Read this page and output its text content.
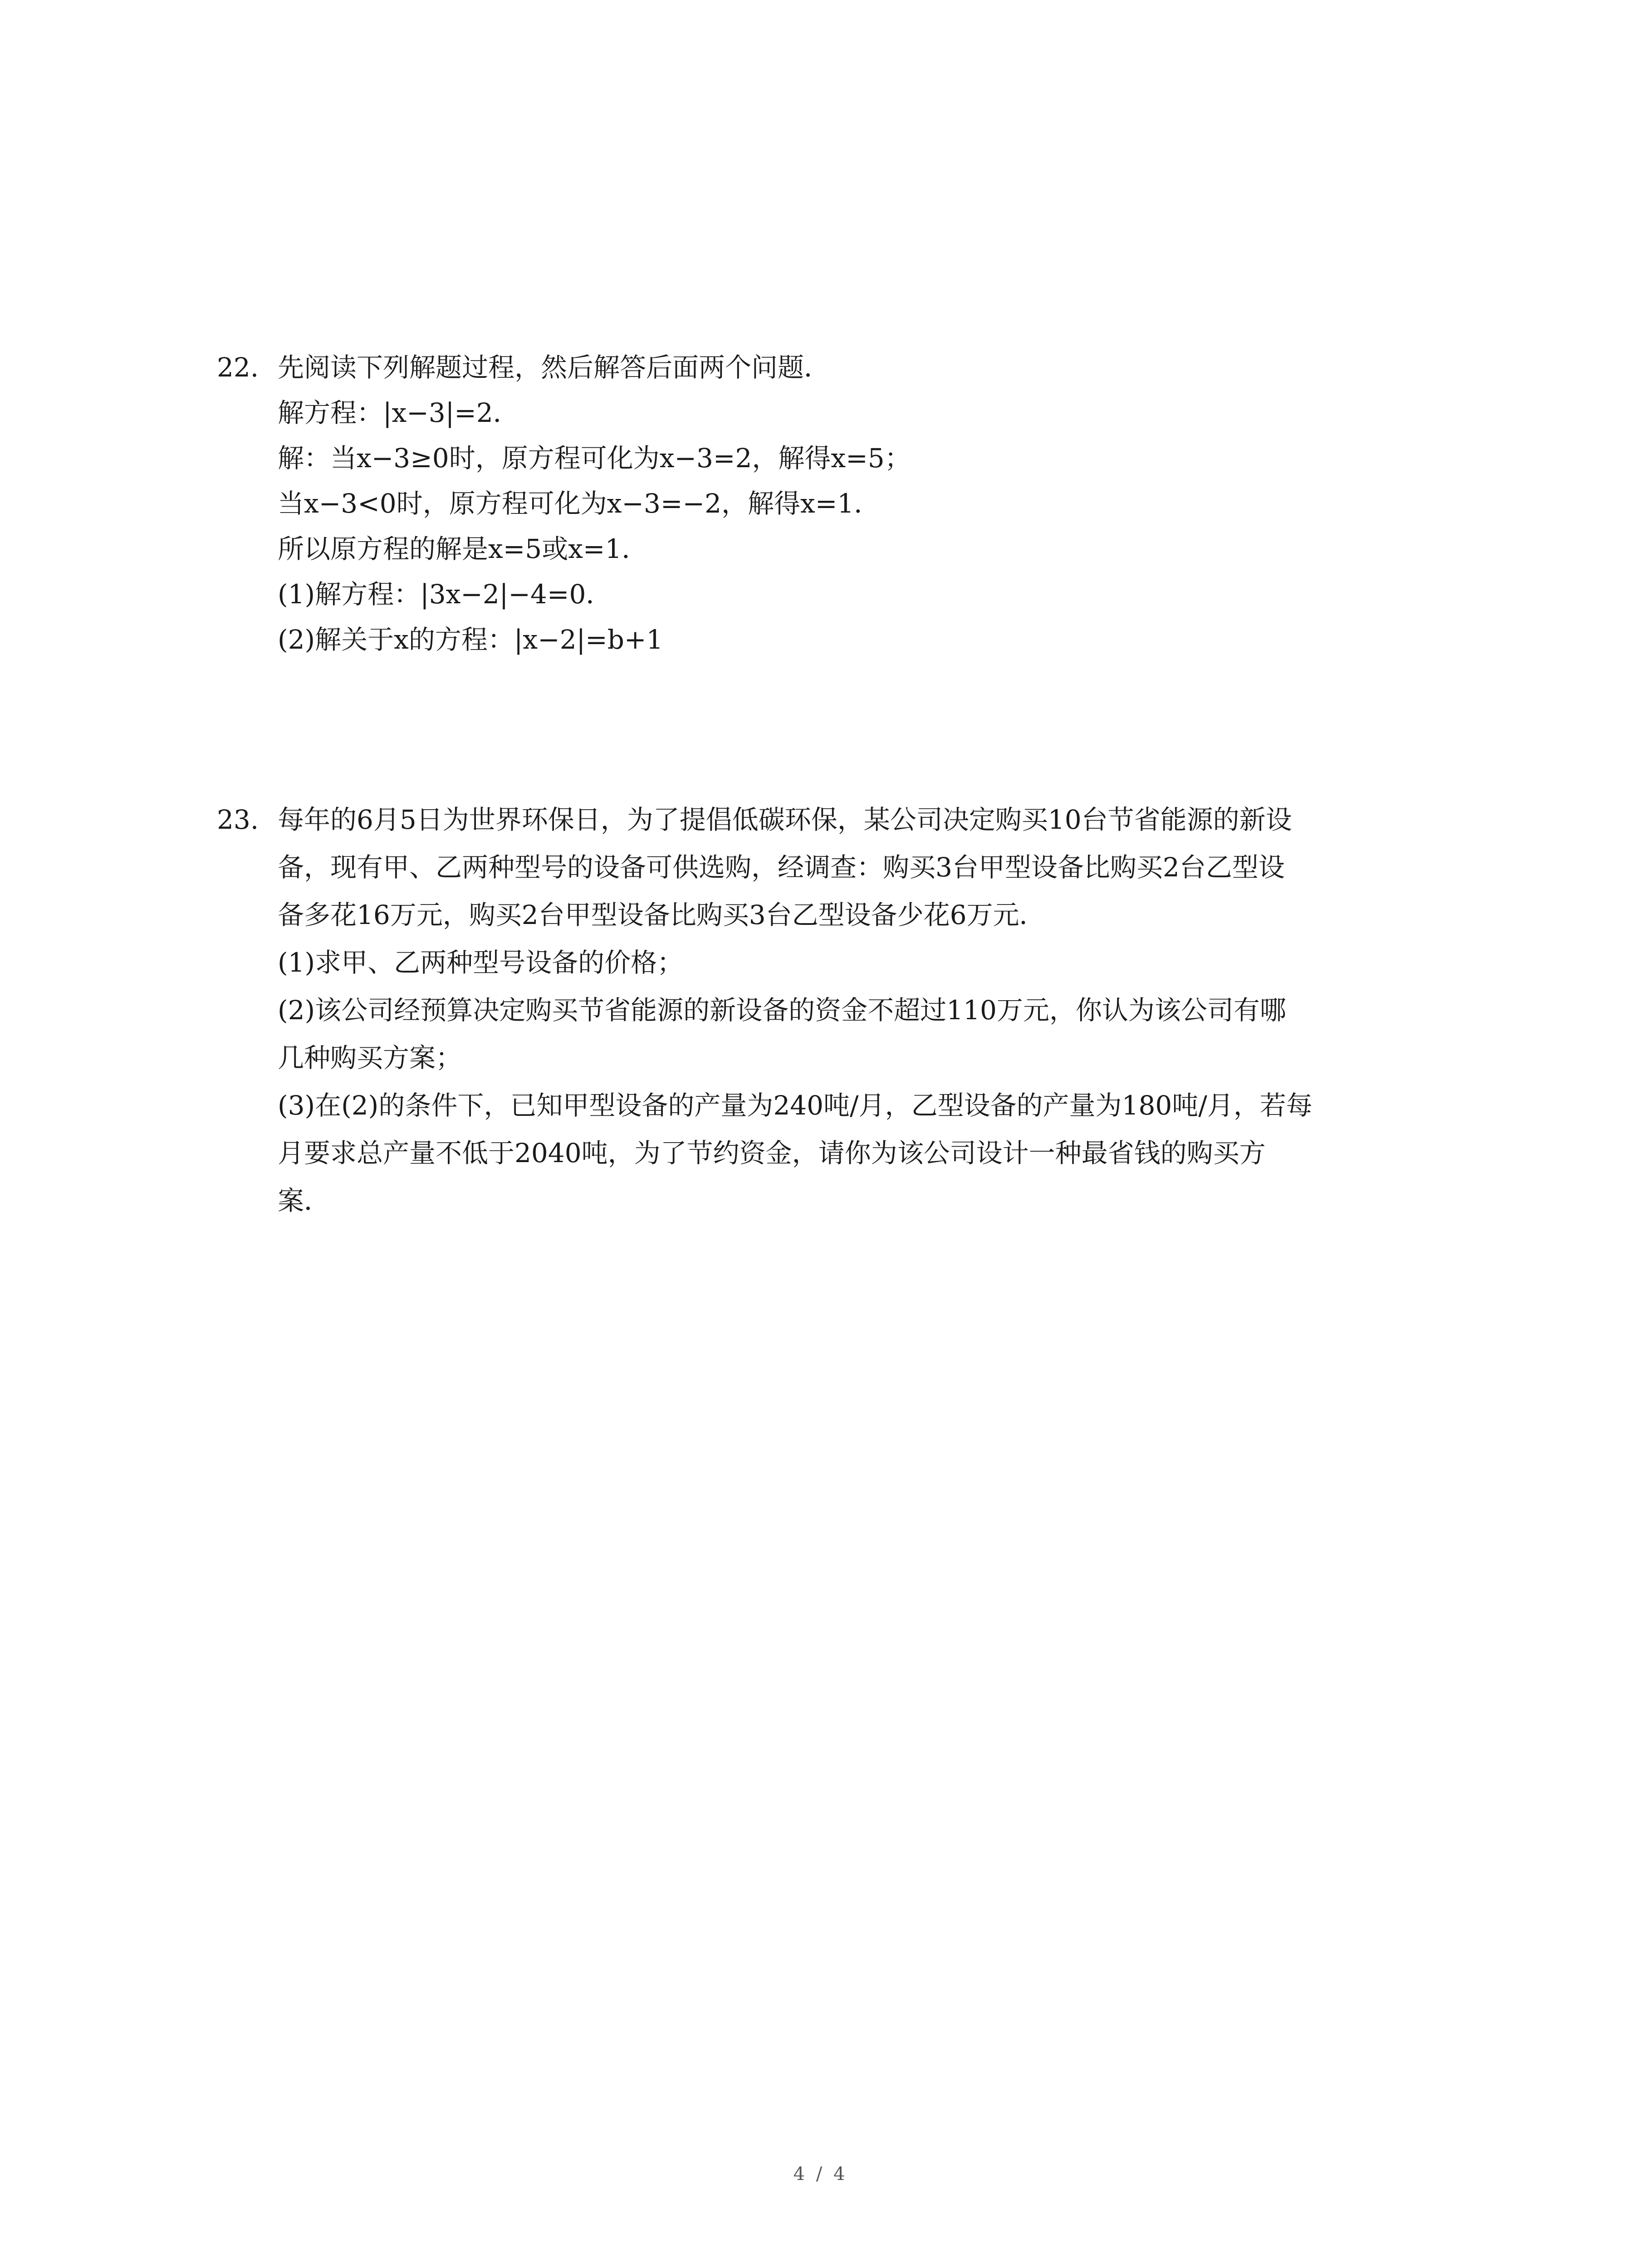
22. 先阅读下列解题过程，然后解答后面两个问题．
解方程：|x−3|=2．
解：当x−3≥0时，原方程可化为x−3=2，解得x=5；
当x−3<0时，原方程可化为x−3=−2，解得x=1．
所以原方程的解是x=5或x=1．
(1)解方程：|3x−2|−4=0．
(2)解关于x的方程：|x−2|=b+1
23. 每年的6月5日为世界环保日，为了提倡低碳环保，某公司决定购买10台节省能源的新设
备，现有甲、乙两种型号的设备可供选购，经调查：购买3台甲型设备比购买2台乙型设
备多花16万元，购买2台甲型设备比购买3台乙型设备少花6万元．
(1)求甲、乙两种型号设备的价格；
(2)该公司经预算决定购买节省能源的新设备的资金不超过110万元，你认为该公司有哪
几种购买方案；
(3)在(2)的条件下，已知甲型设备的产量为240吨/月，乙型设备的产量为180吨/月，若每
月要求总产量不低于2040吨，为了节约资金，请你为该公司设计一种最省钱的购买方
案．
4 / 4
